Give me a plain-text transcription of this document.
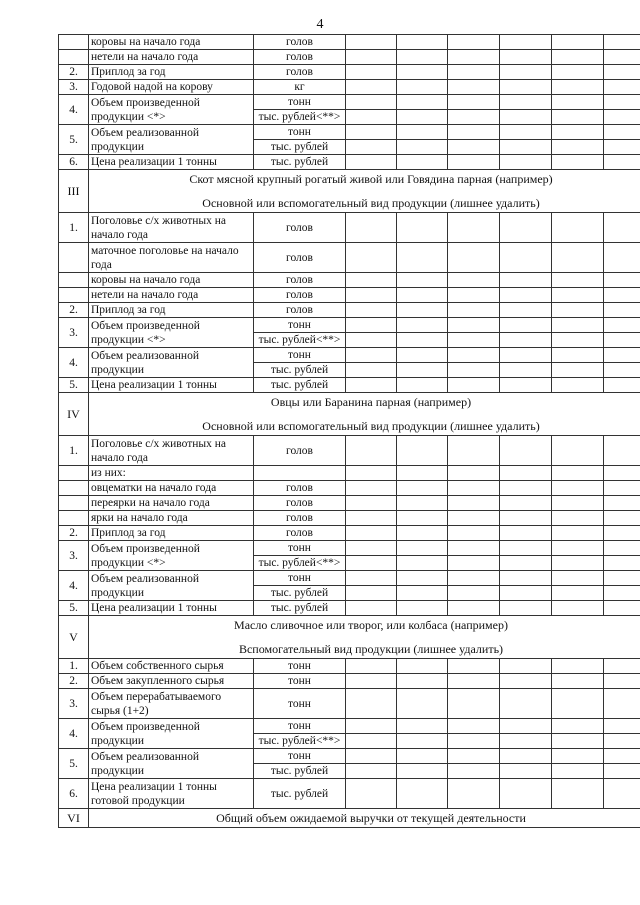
4
	коровы на начало года	голов						
	нетели на начало года	голов						
2.	Приплод за год	голов						
3.	Годовой надой на корову	кг						
4.	Объем произведенной продукции <*>	тонн						
		тыс. рублей<**>						
5.	Объем реализованной продукции	тонн						
		тыс. рублей						
6.	Цена реализации 1 тонны	тыс. рублей						
III	Скот мясной крупный рогатый живой или Говядина парная (например)
Основной или вспомогательный вид продукции (лишнее удалить)							

1.	Поголовье с/х животных на начало года	голов						
	маточное поголовье на начало года	голов						
	коровы на начало года	голов						
	нетели на начало года	голов						
2.	Приплод за год	голов						
3.	Объем произведенной продукции <*>	тонн						
		тыс. рублей<**>						
4.	Объем реализованной продукции	тонн						
		тыс. рублей						
5.	Цена реализации 1 тонны	тыс. рублей						
IV	Овцы или Баранина парная (например)
Основной или вспомогательный вид продукции (лишнее удалить)							

1.	Поголовье с/х животных на начало года	голов						
	из них:							
	овцематки на начало года	голов						
	переярки на начало года	голов						
	ярки на начало года	голов						
2.	Приплод за год	голов						
3.	Объем произведенной продукции <*>	тонн						
		тыс. рублей<**>						
4.	Объем реализованной продукции	тонн						
		тыс. рублей						
5.	Цена реализации 1 тонны	тыс. рублей						
V	Масло сливочное или творог, или колбаса (например)
Вспомогательный вид продукции (лишнее удалить)							

1.	Объем собственного сырья	тонн						
2.	Объем закупленного сырья	тонн						
3.	Объем перерабатываемого сырья (1+2)	тонн						
4.	Объем произведенной продукции	тонн						
		тыс. рублей<**>						
5.	Объем реализованной продукции	тонн						
		тыс. рублей						
6.	Цена реализации 1 тонны готовой продукции	тыс. рублей						
VI	Общий объем ожидаемой выручки от текущей деятельности							
